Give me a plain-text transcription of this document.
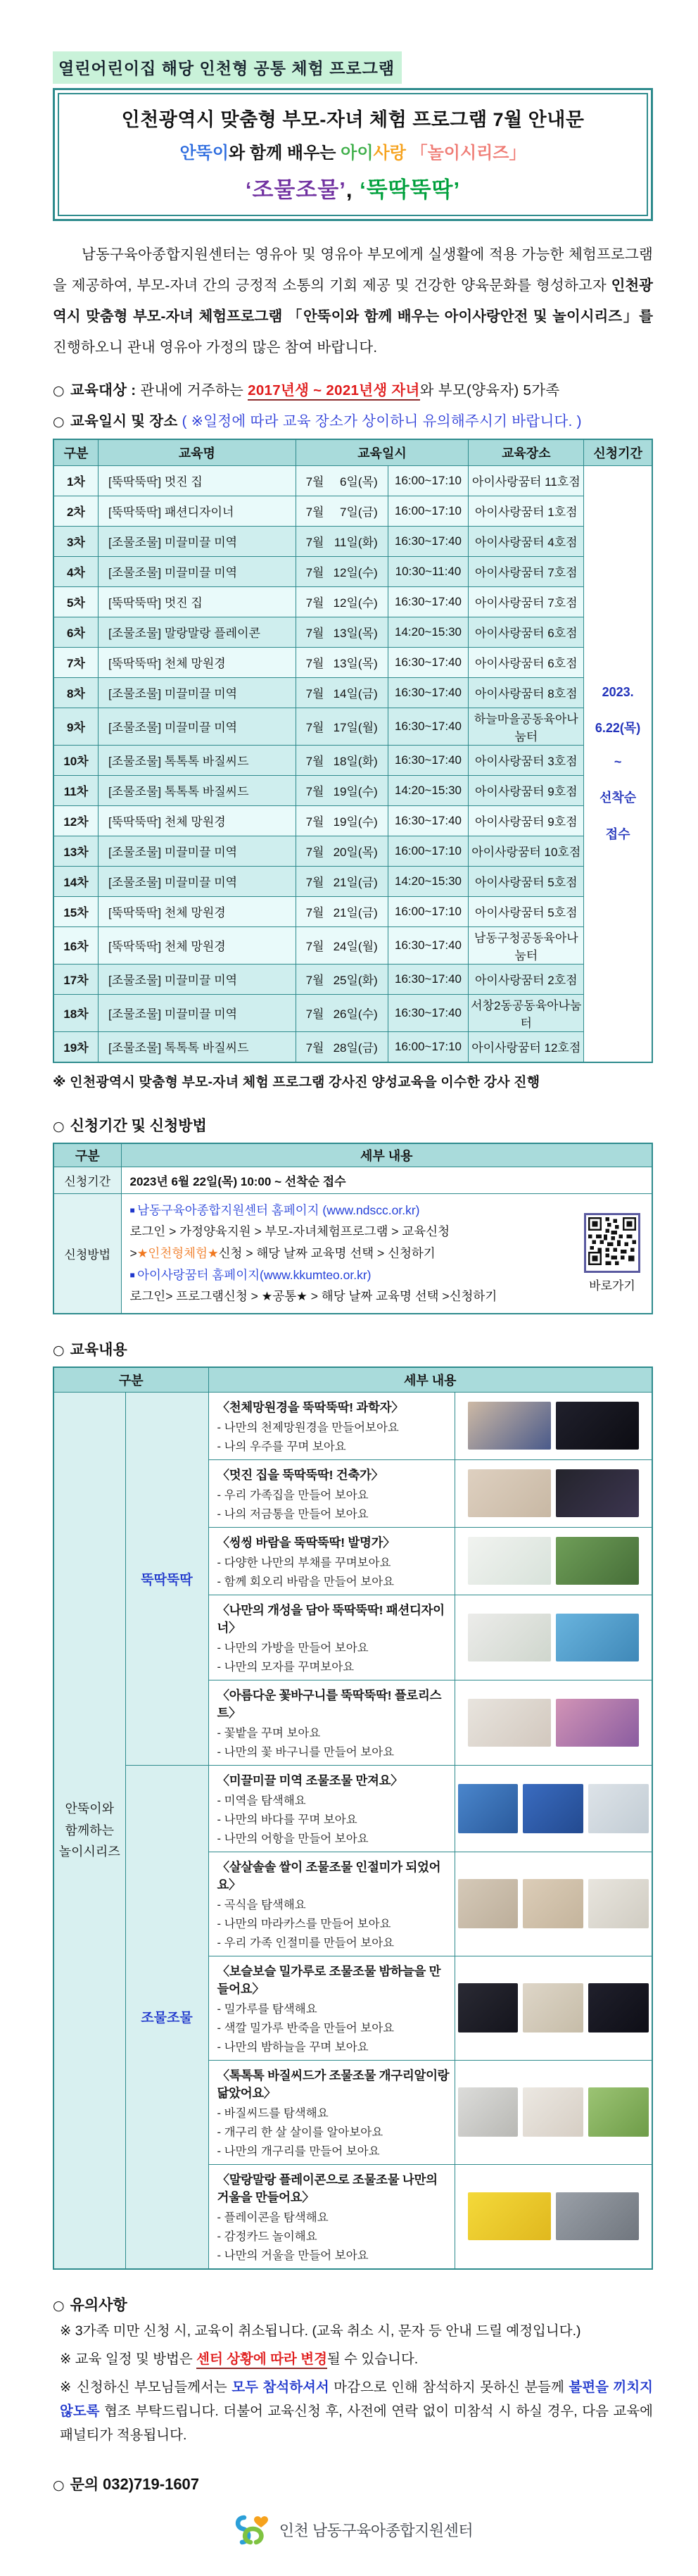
열린어린이집 해당 인천형 공통 체험 프로그램
인천광역시 맞춤형 부모-자녀 체험 프로그램 7월 안내문
안뚝이와 함께 배우는 아이사랑 「놀이시리즈」
‘조물조물’, ‘뚝딱뚝딱’

남동구육아종합지원센터는 영유아 및 영유아 부모에게 실생활에 적용 가능한 체험프로그램을 제공하여, 부모-자녀 간의 긍정적 소통의 기회 제공 및 건강한 양육문화를 형성하고자 인천광역시 맞춤형 부모-자녀 체험프로그램 「안뚝이와 함께 배우는 아이사랑안전 및 놀이시리즈」를 진행하오니 관내 영유아 가정의 많은 참여 바랍니다.

○ 교육대상 : 관내에 거주하는 2017년생 ~ 2021년생 자녀와 부모(양육자) 5가족
○ 교육일시 및 장소 ( ※일정에 따라 교육 장소가 상이하니 유의해주시기 바랍니다. )
구분	교육명	교육일시		교육장소	신청기간
1차	[뚝딱뚝딱] 멋진 집	7월 6일(목)	16:00~17:10	아이사랑꿈터 11호점	
2023.
6.22(목)
~
선착순
접수

2차	[뚝딱뚝딱] 패션디자이너	7월 7일(금)	16:00~17:10	아이사랑꿈터 1호점	
3차	[조물조물] 미끌미끌 미역	7월 11일(화)	16:30~17:40	아이사랑꿈터 4호점	
4차	[조물조물] 미끌미끌 미역	7월 12일(수)	10:30~11:40	아이사랑꿈터 7호점	
5차	[뚝딱뚝딱] 멋진 집	7월 12일(수)	16:30~17:40	아이사랑꿈터 7호점	
6차	[조물조물] 말랑말랑 플레이콘	7월 13일(목)	14:20~15:30	아이사랑꿈터 6호점	
7차	[뚝딱뚝딱] 천체 망원경	7월 13일(목)	16:30~17:40	아이사랑꿈터 6호점	
8차	[조물조물] 미끌미끌 미역	7월 14일(금)	16:30~17:40	아이사랑꿈터 8호점	
9차	[조물조물] 미끌미끌 미역	7월 17일(월)	16:30~17:40	하늘마을공동육아나눔터	
10차	[조물조물] 톡톡톡 바질씨드	7월 18일(화)	16:30~17:40	아이사랑꿈터 3호점	
11차	[조물조물] 톡톡톡 바질씨드	7월 19일(수)	14:20~15:30	아이사랑꿈터 9호점	
12차	[뚝딱뚝딱] 천체 망원경	7월 19일(수)	16:30~17:40	아이사랑꿈터 9호점	
13차	[조물조물] 미끌미끌 미역	7월 20일(목)	16:00~17:10	아이사랑꿈터 10호점	
14차	[조물조물] 미끌미끌 미역	7월 21일(금)	14:20~15:30	아이사랑꿈터 5호점	
15차	[뚝딱뚝딱] 천체 망원경	7월 21일(금)	16:00~17:10	아이사랑꿈터 5호점	
16차	[뚝딱뚝딱] 천체 망원경	7월 24일(월)	16:30~17:40	남동구청공동육아나눔터	
17차	[조물조물] 미끌미끌 미역	7월 25일(화)	16:30~17:40	아이사랑꿈터 2호점	
18차	[조물조물] 미끌미끌 미역	7월 26일(수)	16:30~17:40	서창2동공동육아나눔터	
19차	[조물조물] 톡톡톡 바질씨드	7월 28일(금)	16:00~17:10	아이사랑꿈터 12호점	
※ 인천광역시 맞춤형 부모-자녀 체험 프로그램 강사진 양성교육을 이수한 강사 진행
○ 신청기간 및 신청방법
구분	세부 내용
신청기간	2023년 6월 22일(목) 10:00 ~ 선착순 접수
신청방법	
■ 남동구육아종합지원센터 홈페이지 (www.ndscc.or.kr)
로그인 > 가정양육지원 > 부모-자녀체험프로그램 > 교육신청
>★인천형체험★신청 > 해당 날짜 교육명 선택 > 신청하기
■ 아이사랑꿈터 홈페이지(www.kkumteo.or.kr)
로그인> 프로그램신청 > ★공통★ > 해당 날짜 교육명 선택 >신청하기
바로가기
○ 교육내용
구분		세부 내용	

안뚝이와
함께하는
놀이시리즈
	뚝딱뚝딱	
〈천체망원경을 뚝딱뚝딱! 과학자〉
- 나만의 천제망원경을 만들어보아요
- 나의 우주를 꾸며 보아요

		〈멋진 집을 뚝딱뚝딱! 건축가〉
- 우리 가족집을 만들어 보아요
- 나의 저금통을 만들어 보아요

		〈씽씽 바람을 뚝딱뚝딱! 발명가〉
- 다양한 나만의 부채를 꾸며보아요
- 함께 회오리 바람을 만들어 보아요

		〈나만의 개성을 담아 뚝딱뚝딱! 패션디자이너〉
- 나만의 가방을 만들어 보아요
- 나만의 모자를 꾸며보아요

		〈아름다운 꽃바구니를 뚝딱뚝딱! 플로리스트〉
- 꽃밭을 꾸며 보아요
- 나만의 꽃 바구니를 만들어 보아요

	조물조물	〈미끌미끌 미역 조물조물 만져요〉
- 미역을 탐색해요
- 나만의 바다를 꾸며 보아요
- 나만의 어항을 만들어 보아요

		〈살살솔솔 쌀이 조물조물 인절미가 되었어요〉
- 곡식을 탐색해요
- 나만의 마라카스를 만들어 보아요
- 우리 가족 인절미를 만들어 보아요

		〈보슬보슬 밀가루로 조물조물 밤하늘을 만들어요〉
- 밀가루를 탐색해요
- 색깔 밀가루 반죽을 만들어 보아요
- 나만의 밤하늘을 꾸며 보아요

		〈톡톡톡 바질씨드가 조물조물 개구리알이랑 닮았어요〉
- 바질씨드를 탐색해요
- 개구리 한 살 살이를 알아보아요
- 나만의 개구리를 만들어 보아요

		〈말랑말랑 플레이콘으로 조물조물 나만의 거울을 만들어요〉
- 플레이콘을 탐색해요
- 감정카드 놀이해요
- 나만의 거울을 만들어 보아요

○ 유의사항
※ 3가족 미만 신청 시, 교육이 취소됩니다. (교육 취소 시, 문자 등 안내 드릴 예정입니다.)
※ 교육 일정 및 방법은 센터 상황에 따라 변경될 수 있습니다.
※ 신청하신 부모님들께서는 모두 참석하셔서 마감으로 인해 참석하지 못하신 분들께 불편을 끼치지 않도록 협조 부탁드립니다. 더불어 교육신청 후, 사전에 연락 없이 미참석 시 하실 경우, 다음 교육에 패널티가 적용됩니다.
○ 문의 032)719-1607
인천 남동구육아종합지원센터
